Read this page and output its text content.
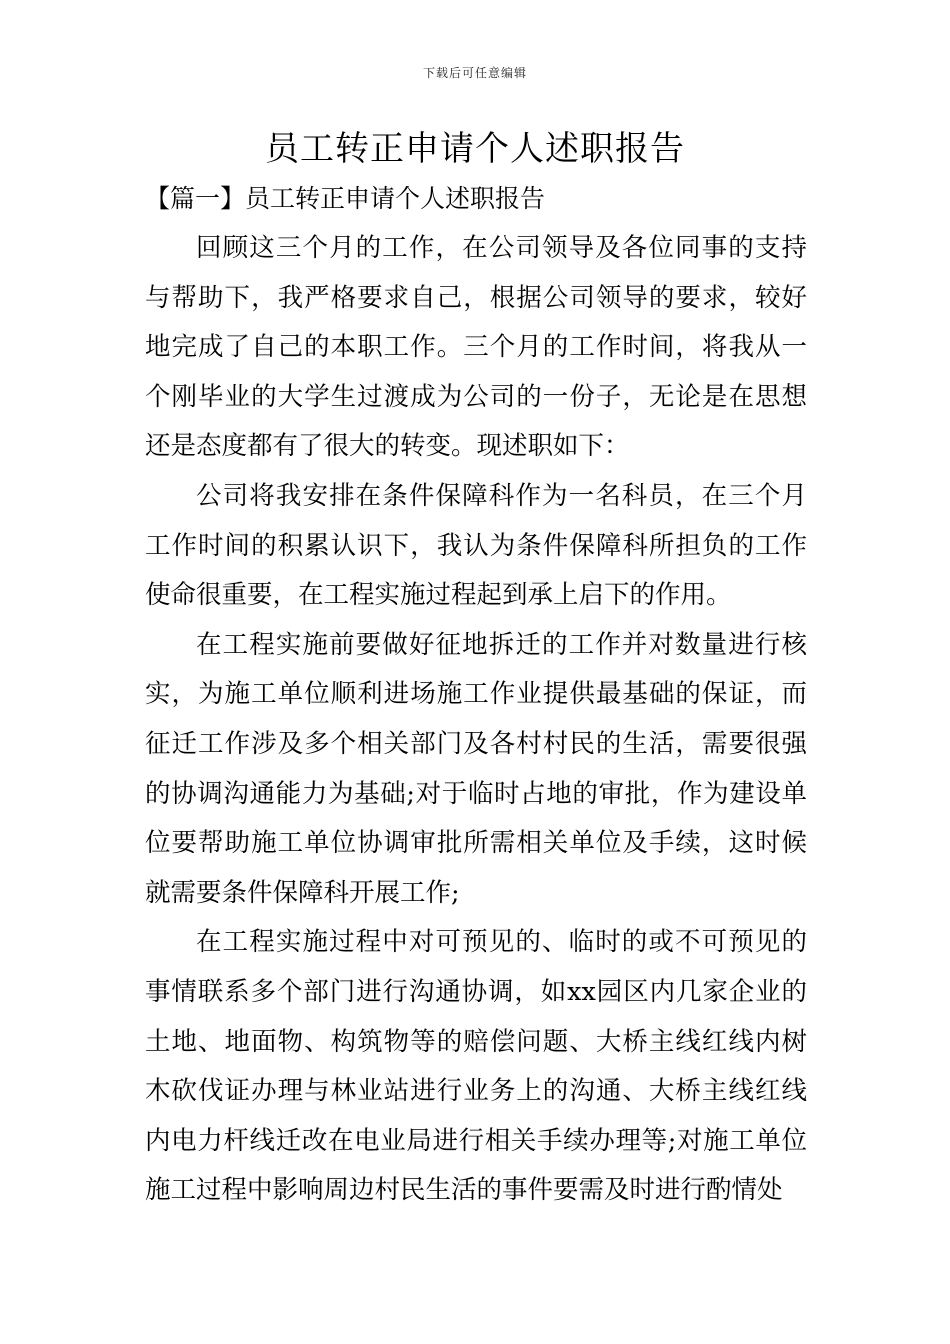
下载后可任意编辑
员工转正申请个人述职报告
【篇一】员工转正申请个人述职报告

回顾这三个月的工作，在公司领导及各位同事的支持与帮助下，我严格要求自己，根据公司领导的要求，较好地完成了自己的本职工作。三个月的工作时间，将我从一个刚毕业的大学生过渡成为公司的一份子，无论是在思想还是态度都有了很大的转变。现述职如下：

公司将我安排在条件保障科作为一名科员，在三个月工作时间的积累认识下，我认为条件保障科所担负的工作使命很重要，在工程实施过程起到承上启下的作用。

在工程实施前要做好征地拆迁的工作并对数量进行核实，为施工单位顺利进场施工作业提供最基础的保证，而征迁工作涉及多个相关部门及各村村民的生活，需要很强的协调沟通能力为基础;对于临时占地的审批，作为建设单位要帮助施工单位协调审批所需相关单位及手续，这时候就需要条件保障科开展工作;

在工程实施过程中对可预见的、临时的或不可预见的事情联系多个部门进行沟通协调，如xx园区内几家企业的土地、地面物、构筑物等的赔偿问题、大桥主线红线内树木砍伐证办理与林业站进行业务上的沟通、大桥主线红线内电力杆线迁改在电业局进行相关手续办理等;对施工单位施工过程中影响周边村民生活的事件要需及时进行酌情处
